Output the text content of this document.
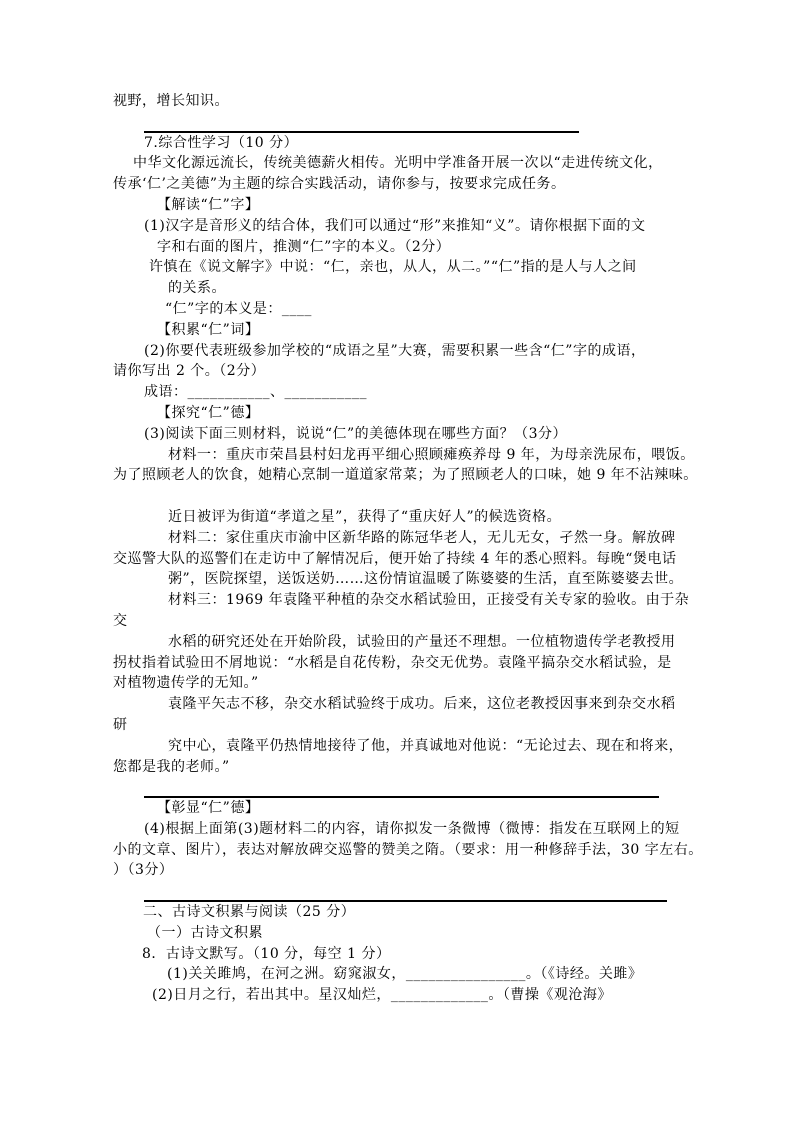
视野，增长知识。
7.综合性学习（10 分）
中华文化源远流长，传统美德薪火相传。光明中学准备开展一次以“走进传统文化，
传承‘仁’之美德”为主题的综合实践活动，请你参与，按要求完成任务。
【解读“仁”字】
(1)汉字是音形义的结合体，我们可以通过“形”来推知“义”。请你根据下面的文
字和右面的图片，推测“仁”字的本义。（2分）
许慎在《说文解字》中说：“仁，亲也，从人，从二。”“仁”指的是人与人之间
的关系。
“仁”字的本义是：____
【积累“仁”词】
(2)你要代表班级参加学校的“成语之星”大赛，需要积累一些含“仁”字的成语，
请你写出 2 个。（2分）
成语：___________、___________
【探究“仁”德】
(3)阅读下面三则材料，说说“仁”的美德体现在哪些方面？（3分）
材料一：重庆市荣昌县村妇龙再平细心照顾瘫痪养母 9 年，为母亲洗尿布，喂饭。
为了照顾老人的饮食，她精心烹制一道道家常菜；为了照顾老人的口味，她 9 年不沾辣味。
近日被评为街道“孝道之星”，获得了“重庆好人”的候选资格。
材料二：家住重庆市渝中区新华路的陈冠华老人，无儿无女，孑然一身。解放碑
交巡警大队的巡警们在走访中了解情况后，便开始了持续 4 年的悉心照料。每晚“煲电话
粥”，医院探望，送饭送奶……这份情谊温暖了陈婆婆的生活，直至陈婆婆去世。
材料三：1969 年袁隆平种植的杂交水稻试验田，正接受有关专家的验收。由于杂
交
水稻的研究还处在开始阶段，试验田的产量还不理想。一位植物遗传学老教授用
拐杖指着试验田不屑地说：“水稻是自花传粉，杂交无优势。袁隆平搞杂交水稻试验，是
对植物遗传学的无知。”
袁隆平矢志不移，杂交水稻试验终于成功。后来，这位老教授因事来到杂交水稻
研
究中心，袁隆平仍热情地接待了他，并真诚地对他说：“无论过去、现在和将来，
您都是我的老师。”
【彰显“仁”德】
(4)根据上面第(3)题材料二的内容，请你拟发一条微博（微博：指发在互联网上的短
小的文章、图片），表达对解放碑交巡警的赞美之隋。（要求：用一种修辞手法，30 字左右。
）（3分）
二、古诗文积累与阅读（25 分）
（一）古诗文积累
8．古诗文默写。（10 分，每空 1 分）
(1)关关雎鸠，在河之洲。窈窕淑女，________________。（《诗经。关雎》
(2)日月之行，若出其中。星汉灿烂，_____________。（曹操《观沧海》
